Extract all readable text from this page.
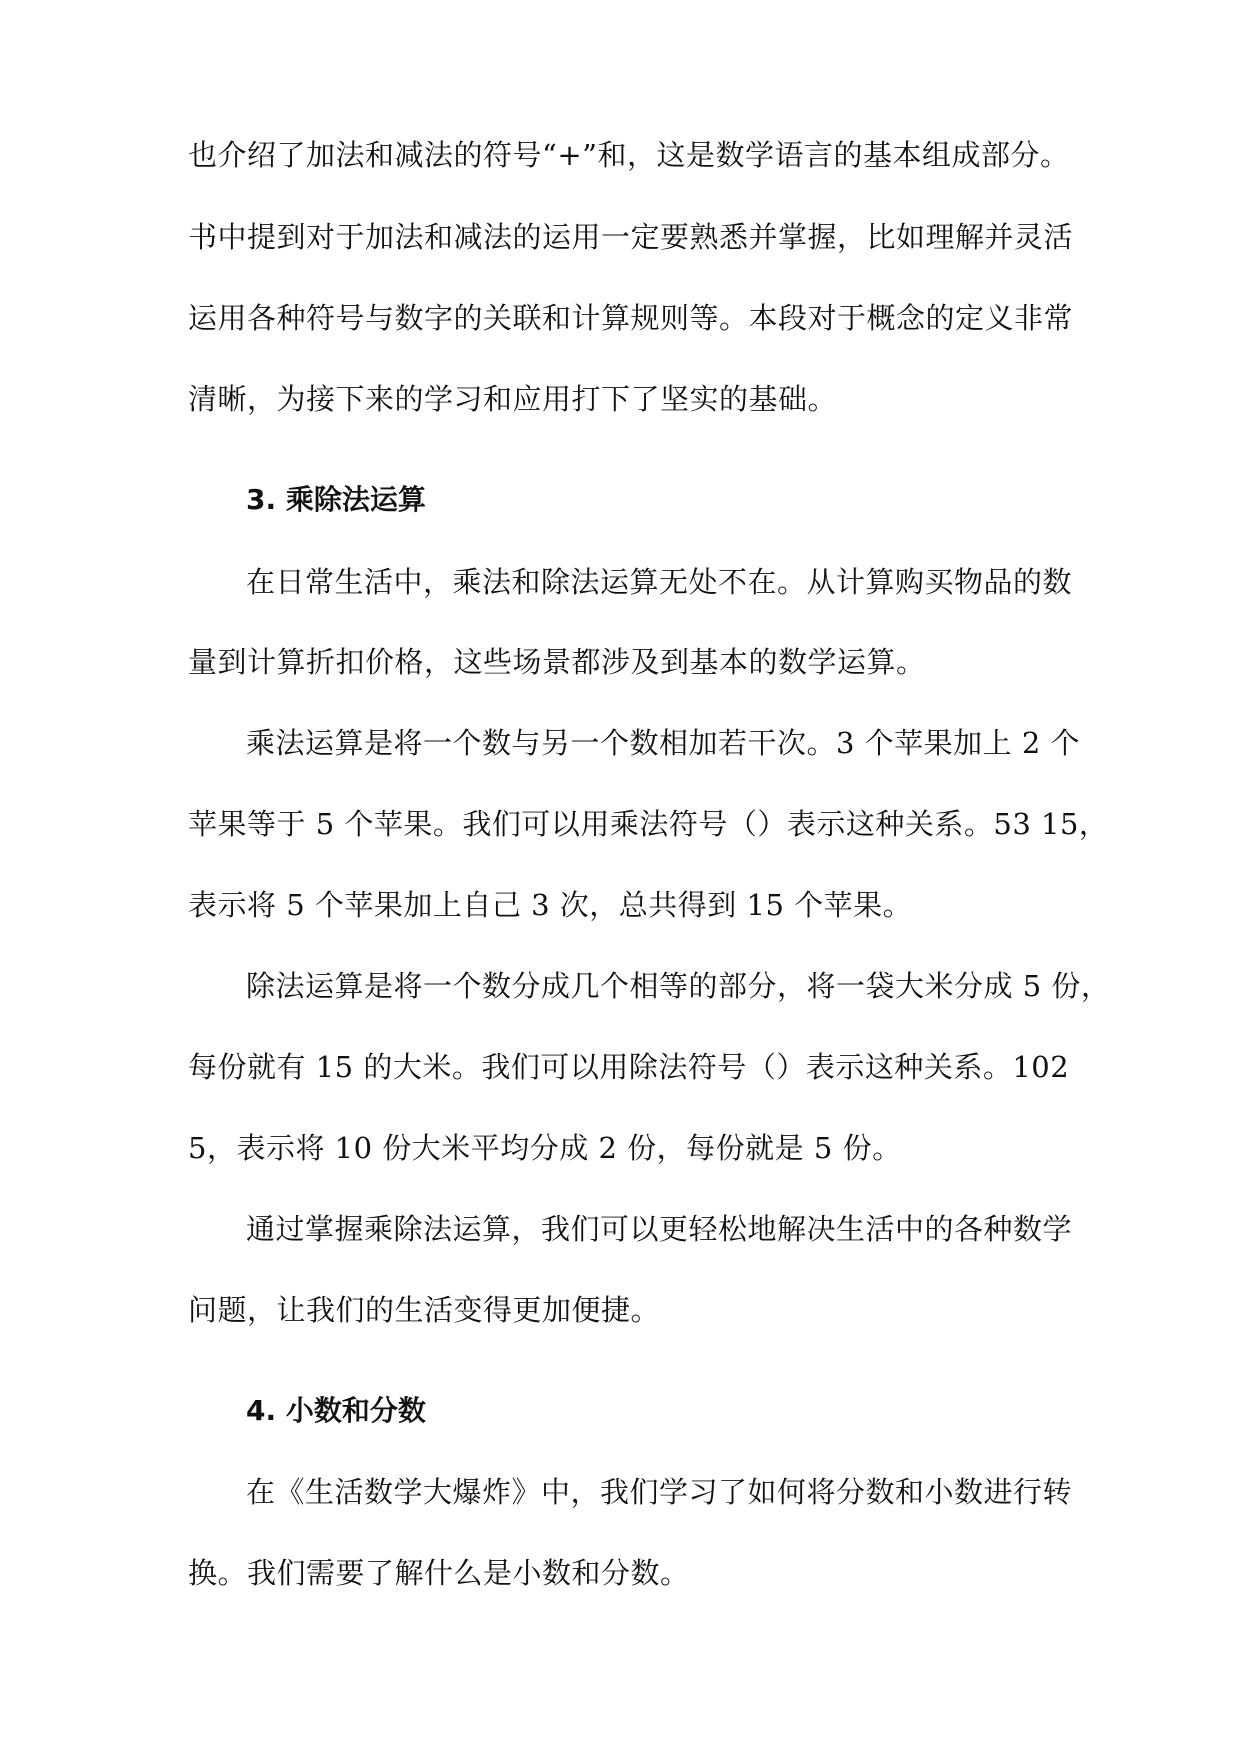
也介绍了加法和减法的符号“+”和，这是数学语言的基本组成部分。
书中提到对于加法和减法的运用一定要熟悉并掌握，比如理解并灵活
运用各种符号与数字的关联和计算规则等。本段对于概念的定义非常
清晰，为接下来的学习和应用打下了坚实的基础。
3. 乘除法运算
在日常生活中，乘法和除法运算无处不在。从计算购买物品的数
量到计算折扣价格，这些场景都涉及到基本的数学运算。
乘法运算是将一个数与另一个数相加若干次。3 个苹果加上 2 个
苹果等于 5 个苹果。我们可以用乘法符号（）表示这种关系。53 15，
表示将 5 个苹果加上自己 3 次，总共得到 15 个苹果。
除法运算是将一个数分成几个相等的部分，将一袋大米分成 5 份，
每份就有 15 的大米。我们可以用除法符号（）表示这种关系。102
5，表示将 10 份大米平均分成 2 份，每份就是 5 份。
通过掌握乘除法运算，我们可以更轻松地解决生活中的各种数学
问题，让我们的生活变得更加便捷。
4. 小数和分数
在《生活数学大爆炸》中，我们学习了如何将分数和小数进行转
换。我们需要了解什么是小数和分数。
